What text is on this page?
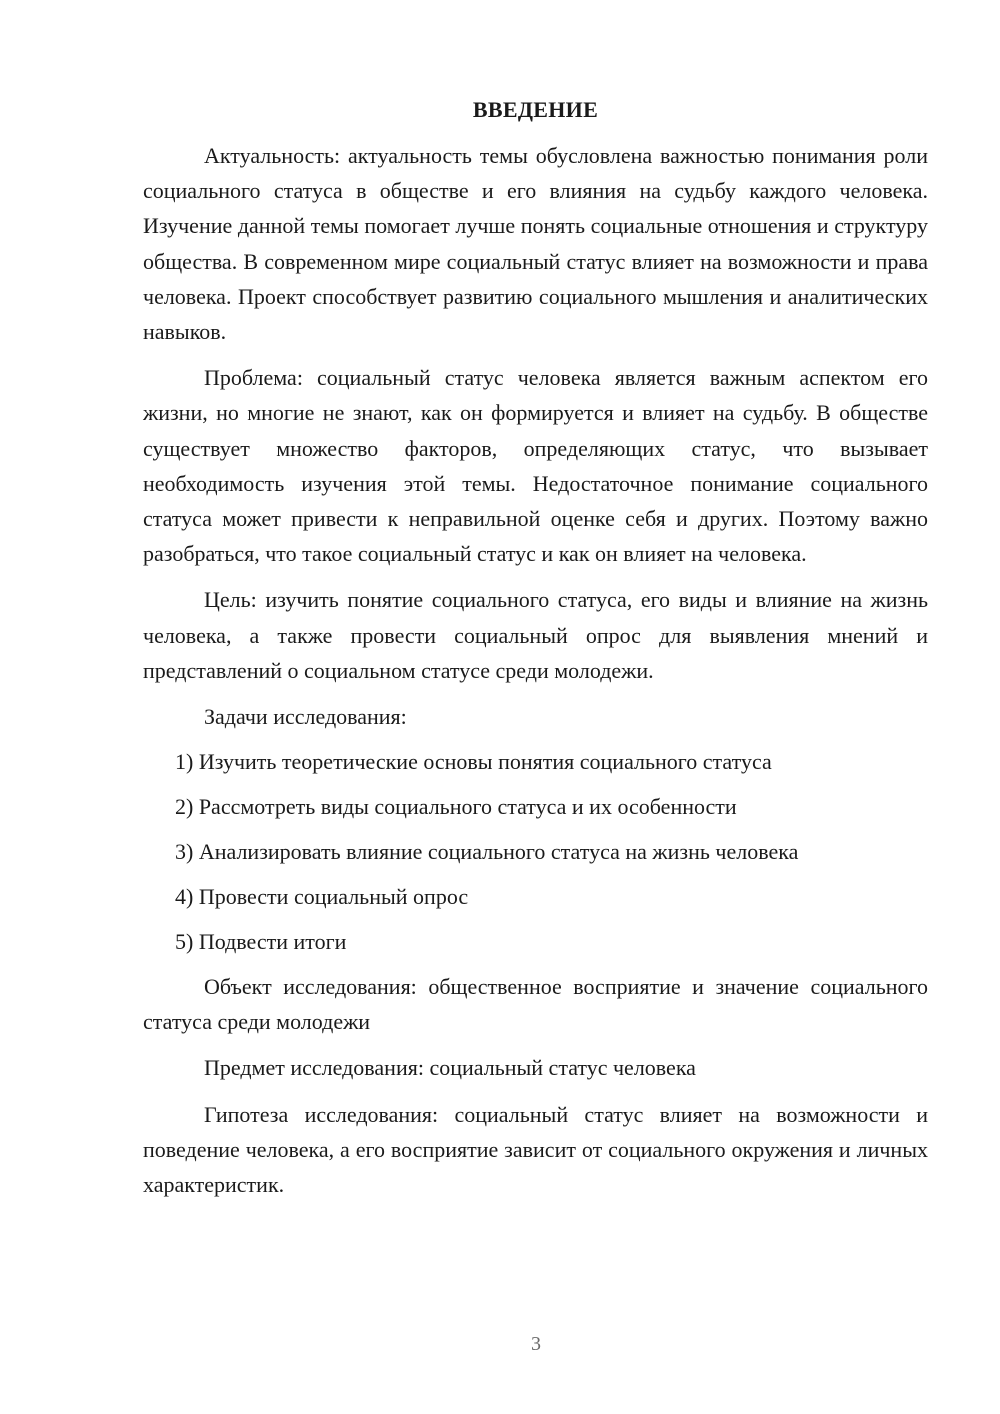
ВВЕДЕНИЕ

Актуальность: актуальность темы обусловлена важностью понимания роли социального статуса в обществе и его влияния на судьбу каждого человека. Изучение данной темы помогает лучше понять социальные отношения и структуру общества. В современном мире социальный статус влияет на возможности и права человека. Проект способствует развитию социального мышления и аналитических навыков.

Проблема: социальный статус человека является важным аспектом его жизни, но многие не знают, как он формируется и влияет на судьбу. В обществе существует множество факторов, определяющих статус, что вызывает необходимость изучения этой темы. Недостаточное понимание социального статуса может привести к неправильной оценке себя и других. Поэтому важно разобраться, что такое социальный статус и как он влияет на человека.

Цель: изучить понятие социального статуса, его виды и влияние на жизнь человека, а также провести социальный опрос для выявления мнений и представлений о социальном статусе среди молодежи.

Задачи исследования:
1) Изучить теоретические основы понятия социального статуса
2) Рассмотреть виды социального статуса и их особенности
3) Анализировать влияние социального статуса на жизнь человека
4) Провести социальный опрос
5) Подвести итоги

Объект исследования: общественное восприятие и значение социального статуса среди молодежи

Предмет исследования: социальный статус человека

Гипотеза исследования: социальный статус влияет на возможности и поведение человека, а его восприятие зависит от социального окружения и личных характеристик.

3
